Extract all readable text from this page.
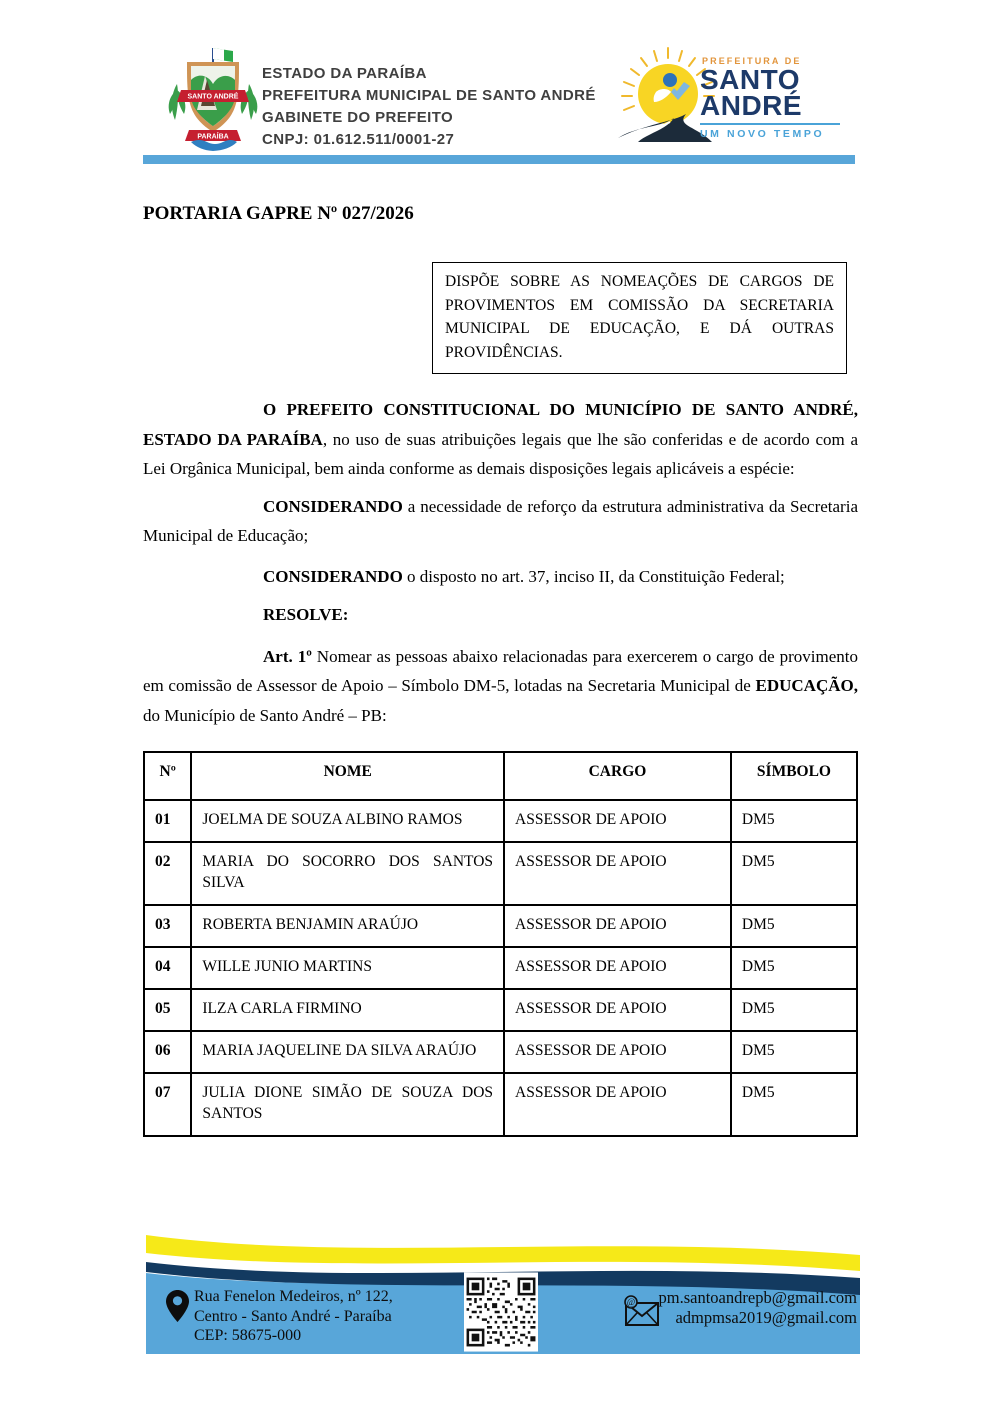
SANTO ANDRÉ
PARAÍBA
ESTADO DA PARAÍBA
PREFEITURA MUNICIPAL DE SANTO ANDRÉ
GABINETE DO PREFEITO
CNPJ: 01.612.511/0001-27
PREFEITURA DE
SANTO
ANDRÉ
UM NOVO TEMPO
PORTARIA GAPRE Nº 027/2026
DISPÕE SOBRE AS NOMEAÇÕES DE CARGOS DE PROVIMENTOS EM COMISSÃO DA SECRETARIA MUNICIPAL DE EDUCAÇÃO, E DÁ OUTRAS PROVIDÊNCIAS.

O PREFEITO CONSTITUCIONAL DO MUNICÍPIO DE SANTO ANDRÉ, ESTADO DA PARAÍBA, no uso de suas atribuições legais que lhe são conferidas e de acordo com a Lei Orgânica Municipal, bem ainda conforme as demais disposições legais aplicáveis a espécie:

CONSIDERANDO a necessidade de reforço da estrutura administrativa da Secretaria Municipal de Educação;

CONSIDERANDO o disposto no art. 37, inciso II, da Constituição Federal;

RESOLVE:

Art. 1º Nomear as pessoas abaixo relacionadas para exercerem o cargo de provimento em comissão de Assessor de Apoio – Símbolo DM-5, lotadas na Secretaria Municipal de EDUCAÇÃO, do Município de Santo André – PB:

Nº	NOME	CARGO	SÍMBOLO
01	JOELMA DE SOUZA ALBINO RAMOS	ASSESSOR DE APOIO	DM5
02	MARIA DO SOCORRO DOS SANTOS SILVA	ASSESSOR DE APOIO	DM5
03	ROBERTA BENJAMIN ARAÚJO	ASSESSOR DE APOIO	DM5
04	WILLE JUNIO MARTINS	ASSESSOR DE APOIO	DM5
05	ILZA CARLA FIRMINO	ASSESSOR DE APOIO	DM5
06	MARIA JAQUELINE DA SILVA ARAÚJO	ASSESSOR DE APOIO	DM5
07	JULIA DIONE SIMÃO DE SOUZA DOS SANTOS	ASSESSOR DE APOIO	DM5
Rua Fenelon Medeiros, nº 122,
Centro - Santo André - Paraíba
CEP: 58675-000
@	pm.santoandrepb@gmail.com
admpmsa2019@gmail.com
